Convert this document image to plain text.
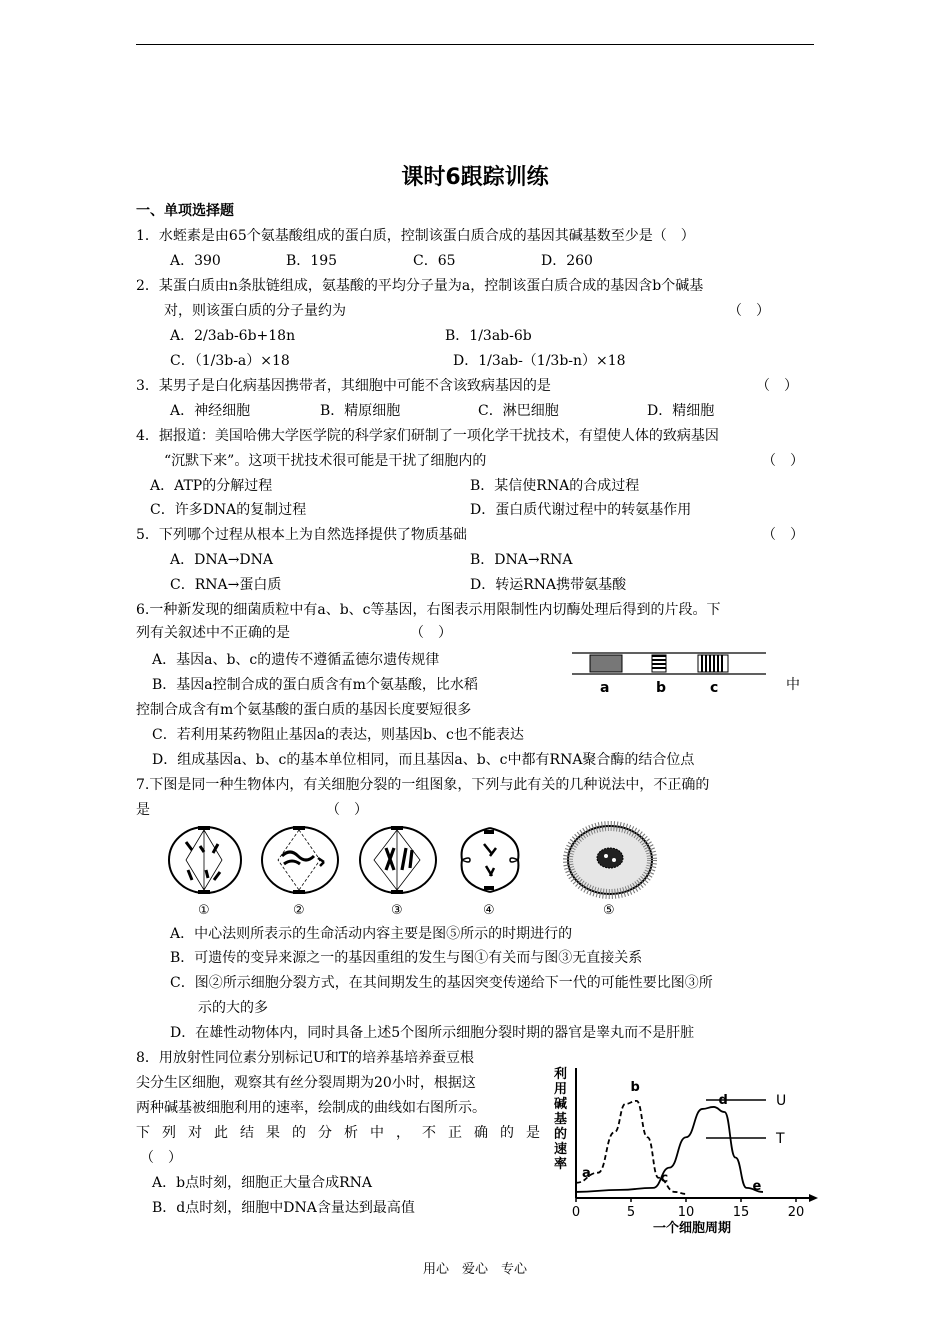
课时6跟踪训练
一、单项选择题
1．水蛭素是由65个氨基酸组成的蛋白质，控制该蛋白质合成的基因其碱基数至少是（　）
A．390	B．195	C．65	D．260
2．某蛋白质由n条肽链组成，氨基酸的平均分子量为a，控制该蛋白质合成的基因含b个碱基
对，则该蛋白质的分子量约为	（　）
A．2/3ab-6b+18n	B．1/3ab-6b
C．（1/3b-a）×18	D．1/3ab-（1/3b-n）×18
3．某男子是白化病基因携带者，其细胞中可能不含该致病基因的是	（　）
A．神经细胞	B．精原细胞	C．淋巴细胞	D．精细胞
4．据报道：美国哈佛大学医学院的科学家们研制了一项化学干扰技术，有望使人体的致病基因
“沉默下来”。这项干扰技术很可能是干扰了细胞内的	（　）
A．ATP的分解过程	B．某信使RNA的合成过程
C．许多DNA的复制过程	D．蛋白质代谢过程中的转氨基作用
5．下列哪个过程从根本上为自然选择提供了物质基础	（　）
A．DNA→DNA	B．DNA→RNA
C．RNA→蛋白质	D．转运RNA携带氨基酸
6.一种新发现的细菌质粒中有a、b、c等基因，右图表示用限制性内切酶处理后得到的片段。下
列有关叙述中不正确的是	（　）
A．基因a、b、c的遗传不遵循孟德尔遗传规律
B．基因a控制合成的蛋白质含有m个氨基酸，比水稻	中
控制合成含有m个氨基酸的蛋白质的基因长度要短很多
C．若利用某药物阻止基因a的表达，则基因b、c也不能表达
D．组成基因a、b、c的基本单位相同，而且基因a、b、c中都有RNA聚合酶的结合位点
a	b	c
7.下图是同一种生物体内，有关细胞分裂的一组图象，下列与此有关的几种说法中，不正确的
是	（　）
①	②	③	④	⑤
A．中心法则所表示的生命活动内容主要是图⑤所示的时期进行的
B．可遗传的变异来源之一的基因重组的发生与图①有关而与图③无直接关系
C．图②所示细胞分裂方式，在其间期发生的基因突变传递给下一代的可能性要比图③所
示的大的多
D．在雄性动物体内，同时具备上述5个图所示细胞分裂时期的器官是睾丸而不是肝脏
8．用放射性同位素分别标记U和T的培养基培养蚕豆根
尖分生区细胞，观察其有丝分裂周期为20小时，根据这
两种碱基被细胞利用的速率，绘制成的曲线如右图所示。
下列对此结果的分析中，不正确的是
（　）
A．b点时刻，细胞正大量合成RNA
B．d点时刻，细胞中DNA含量达到最高值
利
用
碱
基
的
速
率
0	5	10	15	20
U
T
a
b
c
d
e
一个细胞周期
用心　爱心　专心
